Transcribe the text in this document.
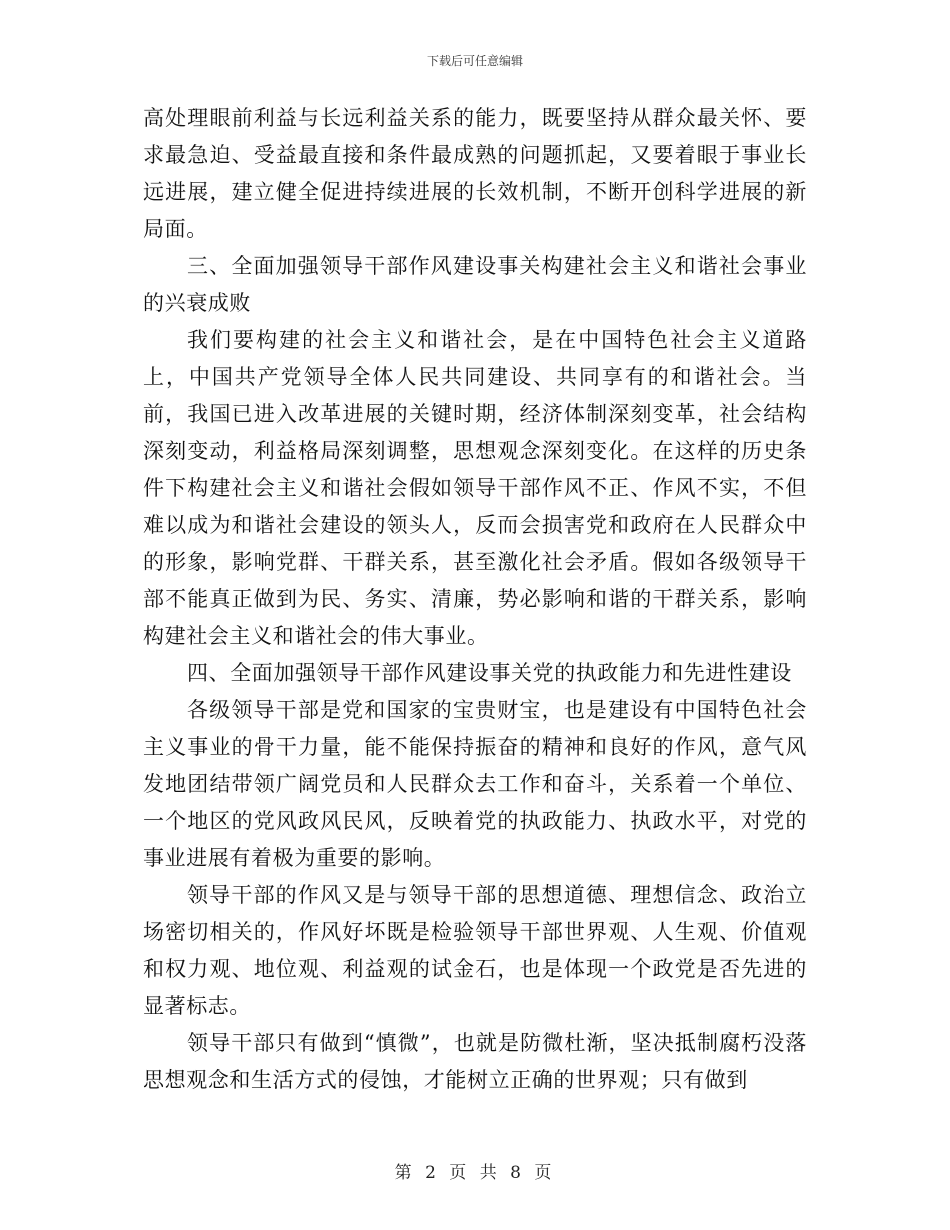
下载后可任意编辑

高处理眼前利益与长远利益关系的能力，既要坚持从群众最关怀、要求最急迫、受益最直接和条件最成熟的问题抓起，又要着眼于事业长远进展，建立健全促进持续进展的长效机制，不断开创科学进展的新局面。

三、全面加强领导干部作风建设事关构建社会主义和谐社会事业的兴衰成败

我们要构建的社会主义和谐社会，是在中国特色社会主义道路上，中国共产党领导全体人民共同建设、共同享有的和谐社会。当前，我国已进入改革进展的关键时期，经济体制深刻变革，社会结构深刻变动，利益格局深刻调整，思想观念深刻变化。在这样的历史条件下构建社会主义和谐社会假如领导干部作风不正、作风不实，不但难以成为和谐社会建设的领头人，反而会损害党和政府在人民群众中的形象，影响党群、干群关系，甚至激化社会矛盾。假如各级领导干部不能真正做到为民、务实、清廉，势必影响和谐的干群关系，影响构建社会主义和谐社会的伟大事业。

四、全面加强领导干部作风建设事关党的执政能力和先进性建设

各级领导干部是党和国家的宝贵财宝，也是建设有中国特色社会主义事业的骨干力量，能不能保持振奋的精神和良好的作风，意气风发地团结带领广阔党员和人民群众去工作和奋斗，关系着一个单位、一个地区的党风政风民风，反映着党的执政能力、执政水平，对党的事业进展有着极为重要的影响。

领导干部的作风又是与领导干部的思想道德、理想信念、政治立场密切相关的，作风好坏既是检验领导干部世界观、人生观、价值观和权力观、地位观、利益观的试金石，也是体现一个政党是否先进的显著标志。

领导干部只有做到“慎微”，也就是防微杜渐，坚决抵制腐朽没落思想观念和生活方式的侵蚀，才能树立正确的世界观；只有做到

第 2 页 共 8 页
